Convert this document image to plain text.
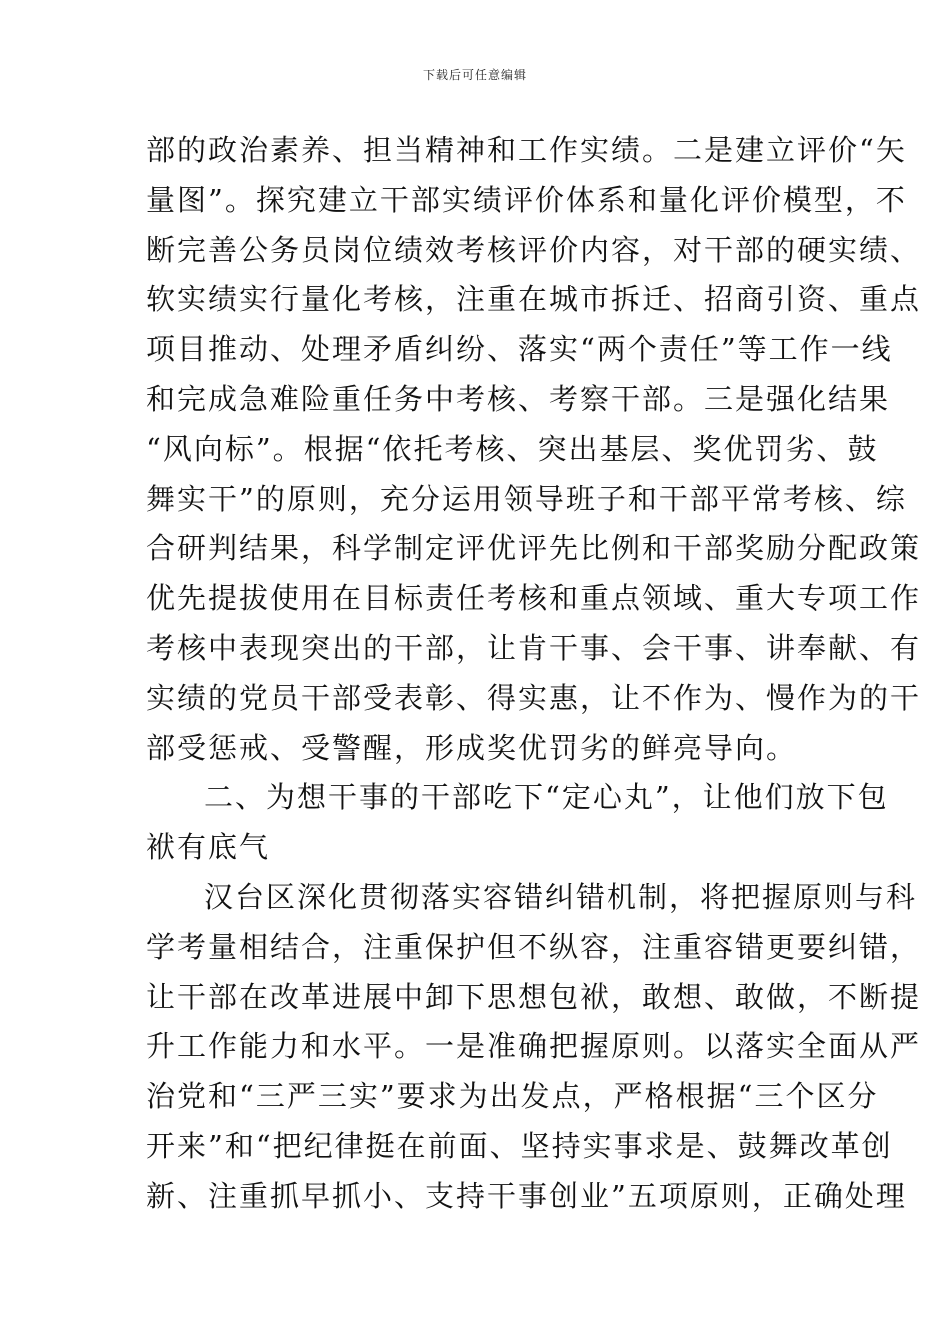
下载后可任意编辑
部的政治素养、担当精神和工作实绩。二是建立评价“矢
量图”。探究建立干部实绩评价体系和量化评价模型，不
断完善公务员岗位绩效考核评价内容，对干部的硬实绩、
软实绩实行量化考核，注重在城市拆迁、招商引资、重点
项目推动、处理矛盾纠纷、落实“两个责任”等工作一线
和完成急难险重任务中考核、考察干部。三是强化结果
“风向标”。根据“依托考核、突出基层、奖优罚劣、鼓
舞实干”的原则，充分运用领导班子和干部平常考核、综
合研判结果，科学制定评优评先比例和干部奖励分配政策
优先提拔使用在目标责任考核和重点领域、重大专项工作
考核中表现突出的干部，让肯干事、会干事、讲奉献、有
实绩的党员干部受表彰、得实惠，让不作为、慢作为的干
部受惩戒、受警醒，形成奖优罚劣的鲜亮导向。
二、为想干事的干部吃下“定心丸”，让他们放下包
袱有底气
汉台区深化贯彻落实容错纠错机制，将把握原则与科
学考量相结合，注重保护但不纵容，注重容错更要纠错，
让干部在改革进展中卸下思想包袱，敢想、敢做，不断提
升工作能力和水平。一是准确把握原则。以落实全面从严
治党和“三严三实”要求为出发点，严格根据“三个区分
开来”和“把纪律挺在前面、坚持实事求是、鼓舞改革创
新、注重抓早抓小、支持干事创业”五项原则，正确处理
